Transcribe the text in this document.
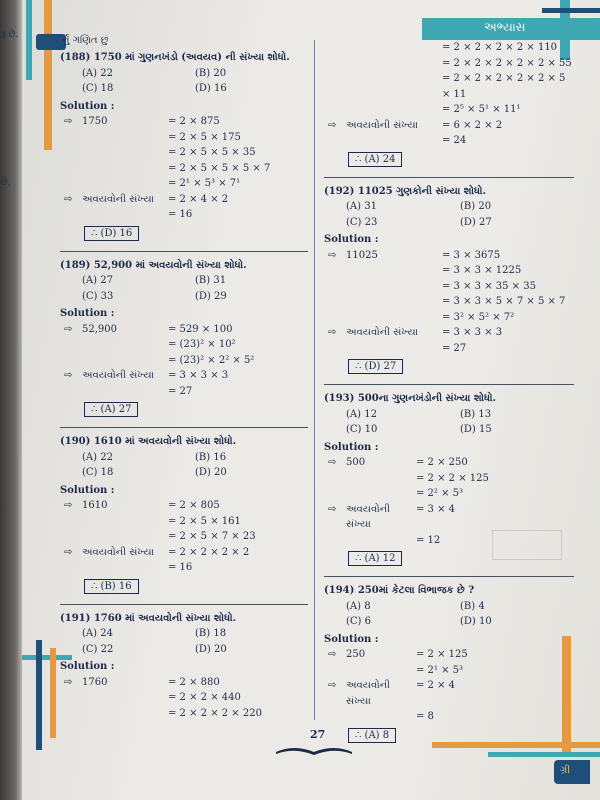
રૂ છે.
છે,
ર્નું ગણિત છું
અભ્યાસ
(188) 1750 માં ગુણનખંડો (અવયવ) ની સંખ્યા શોધો.
(A) 22	(B) 20
(C) 18	(D) 16
Solution :
⇨ 1750	= 2 × 875
= 2 × 5 × 175
= 2 × 5 × 5 × 35
= 2 × 5 × 5 × 5 × 7
= 2¹ × 5³ × 7¹
⇨ અવયવોની સંખ્યા	= 2 × 4 × 2
= 16
∴ (D) 16
(189) 52,900 માં અવયવોની સંખ્યા શોધો.
(A) 27	(B) 31
(C) 33	(D) 29
Solution :
⇨ 52,900	= 529 × 100
= (23)² × 10²
= (23)² × 2² × 5²
⇨ અવયવોની સંખ્યા	= 3 × 3 × 3
= 27
∴ (A) 27
(190) 1610 માં અવયવોની સંખ્યા શોધો.
(A) 22	(B) 16
(C) 18	(D) 20
Solution :
⇨ 1610	= 2 × 805
= 2 × 5 × 161
= 2 × 5 × 7 × 23
⇨ અવયવોની સંખ્યા	= 2 × 2 × 2 × 2
= 16
∴ (B) 16
(191) 1760 માં અવયવોની સંખ્યા શોધો.
(A) 24	(B) 18
(C) 22	(D) 20
Solution :
⇨ 1760	= 2 × 880
= 2 × 2 × 440
= 2 × 2 × 2 × 220
= 2 × 2 × 2 × 2 × 110
= 2 × 2 × 2 × 2 × 2 × 55
= 2 × 2 × 2 × 2 × 2 × 5 × 11
= 2⁵ × 5¹ × 11¹
⇨ અવયવોની સંખ્યા	= 6 × 2 × 2
= 24
∴ (A) 24
(192) 11025 ગુણકોની સંખ્યા શોધો.
(A) 31	(B) 20
(C) 23	(D) 27
Solution :
⇨ 11025	= 3 × 3675
= 3 × 3 × 1225
= 3 × 3 × 35 × 35
= 3 × 3 × 5 × 7 × 5 × 7
= 3² × 5² × 7²
⇨ અવયવોની સંખ્યા	= 3 × 3 × 3
= 27
∴ (D) 27
(193) 500ના ગુણનખંડોની સંખ્યા શોધો.
(A) 12	(B) 13
(C) 10	(D) 15
Solution :
⇨ 500	= 2 × 250
= 2 × 2 × 125
= 2² × 5³
⇨ અવયવોની સંખ્યા
= 3 × 4
= 12
∴ (A) 12
(194) 250માં કેટલા વિભાજક છે ?
(A) 8	(B) 4
(C) 6	(D) 10
Solution :
⇨ 250	= 2 × 125
= 2¹ × 5³
⇨ અવયવોની સંખ્યા
= 2 × 4
= 8
∴ (A) 8
27
ગ્રી
